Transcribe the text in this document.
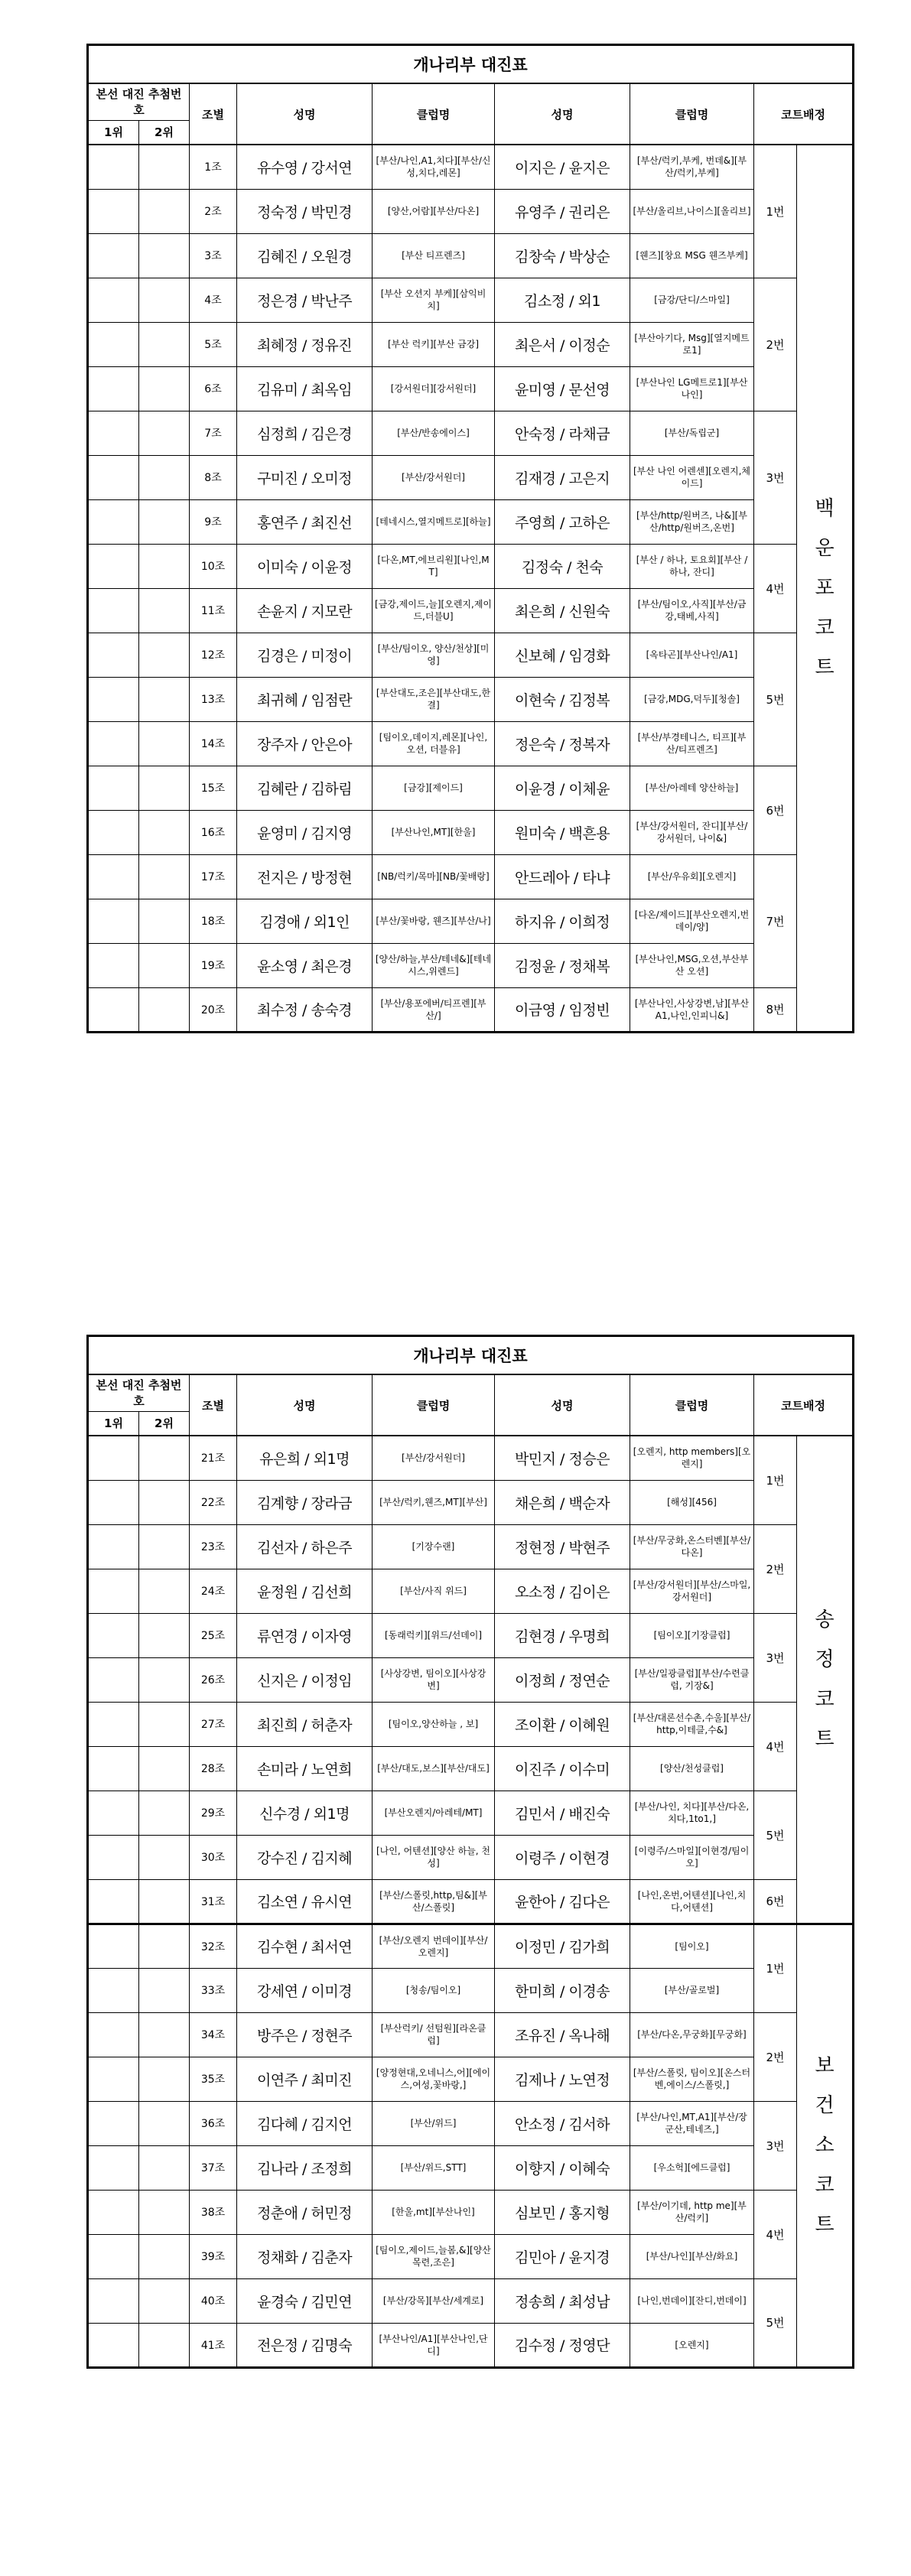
개나리부 대진표								
본선 대진 추첨번호		조별	성명	클럽명	성명	클럽명	코트배정	
1위	2위							
		1조	유수영 / 강서연	[부산/나인,A1,치다][부산/신성,치다,레몬]	이지은 / 윤지은	[부산/럭키,부케, 번데&][부산/럭키,부케]	1번	백운포코트
		2조	정숙정 / 박민경	[양산,어람][부산/다온]	유영주 / 권리은	[부산/올리브,나이스][올리브]		
		3조	김혜진 / 오원경	[부산 티프렌즈]	김창숙 / 박상순	[웬즈][창요 MSG 웬즈부케]		
		4조	정은경 / 박난주	[부산 오션지 부케][삼익비치]	김소정 / 외1	[금강/단디/스마일]	2번	
		5조	최혜정 / 정유진	[부산 럭키][부산 금강]	최은서 / 이정순	[부산아기다, Msg][열지메트로1]		
		6조	김유미 / 최옥임	[강서원더][강서원더]	윤미영 / 문선영	[부산나인 LG메트로1][부산나인]		
		7조	심정희 / 김은경	[부산/반송에이스]	안숙정 / 라채금	[부산/독립군]	3번	
		8조	구미진 / 오미정	[부산/강서원더]	김재경 / 고은지	[부산 나인 어렌센][오렌지,체이드]		
		9조	홍연주 / 최진선	[테네시스,열지메트로][하늘]	주영희 / 고하은	[부산/http/원버즈, 나&][부산/http/원버즈,온번]		
		10조	이미숙 / 이윤정	[다온,MT,에브리원][나인,MT]	김정숙 / 천숙	[부산 / 하나, 토요회][부산 / 하나, 잔디]	4번	
		11조	손윤지 / 지모란	[금강,제이드,늘][오렌지,제이드,더블U]	최은희 / 신원숙	[부산/팀이오,사직][부산/금강,태베,사직]		
		12조	김경은 / 미정이	[부산/팀이오, 양산/천상][미영]	신보혜 / 임경화	[옥타곤][부산나인/A1]	5번	
		13조	최귀혜 / 임점란	[부산대도,조은][부산대도,한결]	이현숙 / 김정복	[금강,MDG,덕두][청솔]		
		14조	장주자 / 안은아	[팀이오,데이지,레몬][나인, 오션, 더블유]	정은숙 / 정복자	[부산/부경테니스, 티프][부산/티프렌즈]		
		15조	김혜란 / 김하림	[금강][제이드]	이윤경 / 이체윤	[부산/아레테 양산하늘]	6번	
		16조	윤영미 / 김지영	[부산나인,MT][한울]	원미숙 / 백흔용	[부산/강서원더, 잔디][부산/강서원더, 나이&]		
		17조	전지은 / 방정현	[NB/럭키/목마][NB/꽃배랑]	안드레아 / 타냐	[부산/우유회][오렌지]	7번	
		18조	김경애 / 외1인	[부산/꽃바랑, 웬즈][부산/나]	하지유 / 이희정	[다온/제이드][부산오렌지,번데이/양]		
		19조	윤소영 / 최은경	[양산/하늘,부산/테네&][테네시스,위렌드]	김정윤 / 정채복	[부산나인,MSG,오션,부산부산 오션]		
		20조	최수정 / 송숙경	[부산/용포에버/티프렌][부산/]	이금영 / 임정빈	[부산나인,사상강변,남][부산 A1,나인,인피니&]	8번	
개나리부 대진표								
본선 대진 추첨번호		조별	성명	클럽명	성명	클럽명	코트배정	
1위	2위							
		21조	유은희 / 외1명	[부산/강서원더]	박민지 / 정승은	[오렌지, http members][오렌지]	1번	송정코트
		22조	김계향 / 장라금	[부산/럭키,웬즈,MT][부산]	채은희 / 백순자	[해성][456]		
		23조	김선자 / 하은주	[기장수랜]	정현정 / 박현주	[부산/무궁화,온스터벤][부산/다온]	2번	
		24조	윤정원 / 김선희	[부산/사직 위드]	오소정 / 김이은	[부산/강서원더][부산/스마일,강서원더]		
		25조	류연경 / 이자영	[동래럭키][위드/선데이]	김현경 / 우명희	[팀이오][기장클럽]	3번	
		26조	신지은 / 이정임	[사상강변, 팀이오][사상강변]	이정희 / 정연순	[부산/일광클럽][부산/수련클럽, 기장&]		
		27조	최진희 / 허춘자	[팀이오,양산하늘 , 보]	조이환 / 이혜원	[부산/대론선수촌,수울][부산/http,이테클,수&]	4번	
		28조	손미라 / 노연희	[부산/대도,보스][부산/대도]	이진주 / 이수미	[양산/천성클럽]		
		29조	신수경 / 외1명	[부산오렌지/아레테/MT]	김민서 / 배진숙	[부산/나인, 치다][부산/다온,치다,1to1,]	5번	
		30조	강수진 / 김지혜	[나인, 어텐션][양산 하늘, 천성]	이령주 / 이현경	[이령주/스마일][이현경/팀이오]		
		31조	김소연 / 유시연	[부산/스폴릿,http,팀&][부산/스폴릿]	윤한아 / 김다은	[나인,온번,어텐션][나인,치다,어텐션]	6번	
		32조	김수현 / 최서연	[부산/오렌지 번데이][부산/ 오렌지]	이정민 / 김가희	[팀이오]	1번	보건소코트
		33조	강세연 / 이미경	[청송/팀이오]	한미희 / 이경송	[부산/골로벌]		
		34조	방주은 / 정현주	[부산럭키/ 선텀원][라온클럽]	조유진 / 옥나해	[부산/다온,무궁화][무궁화]	2번	
		35조	이연주 / 최미진	[양정현대,오네니스,어][에이스,여성,꽃바랑,]	김제나 / 노연정	[부산/스폴릿, 팀이오][온스터벤,에이스/스폴릿,]		
		36조	김다혜 / 김지언	[부산/위드]	안소정 / 김서하	[부산/나인,MT,A1][부산/장군산,테네즈,]	3번	
		37조	김나라 / 조정희	[부산/위드,STT]	이향지 / 이혜숙	[우소헉][에드클럽]		
		38조	정춘애 / 허민정	[한울,mt][부산나인]	심보민 / 홍지형	[부산/이기데, http me][부산/럭키]	4번	
		39조	정채화 / 김춘자	[팀이오,제이드,늘봄,&][양산목련,조은]	김민아 / 윤지경	[부산/나인][부산/화요]		
		40조	윤경숙 / 김민연	[부산/강목][부산/세계로]	정송희 / 최성남	[나인,번데이][잔디,번데이]	5번	
		41조	전은정 / 김명숙	[부산나인/A1][부산나인,단디]	김수정 / 정영단	[오렌지]		
